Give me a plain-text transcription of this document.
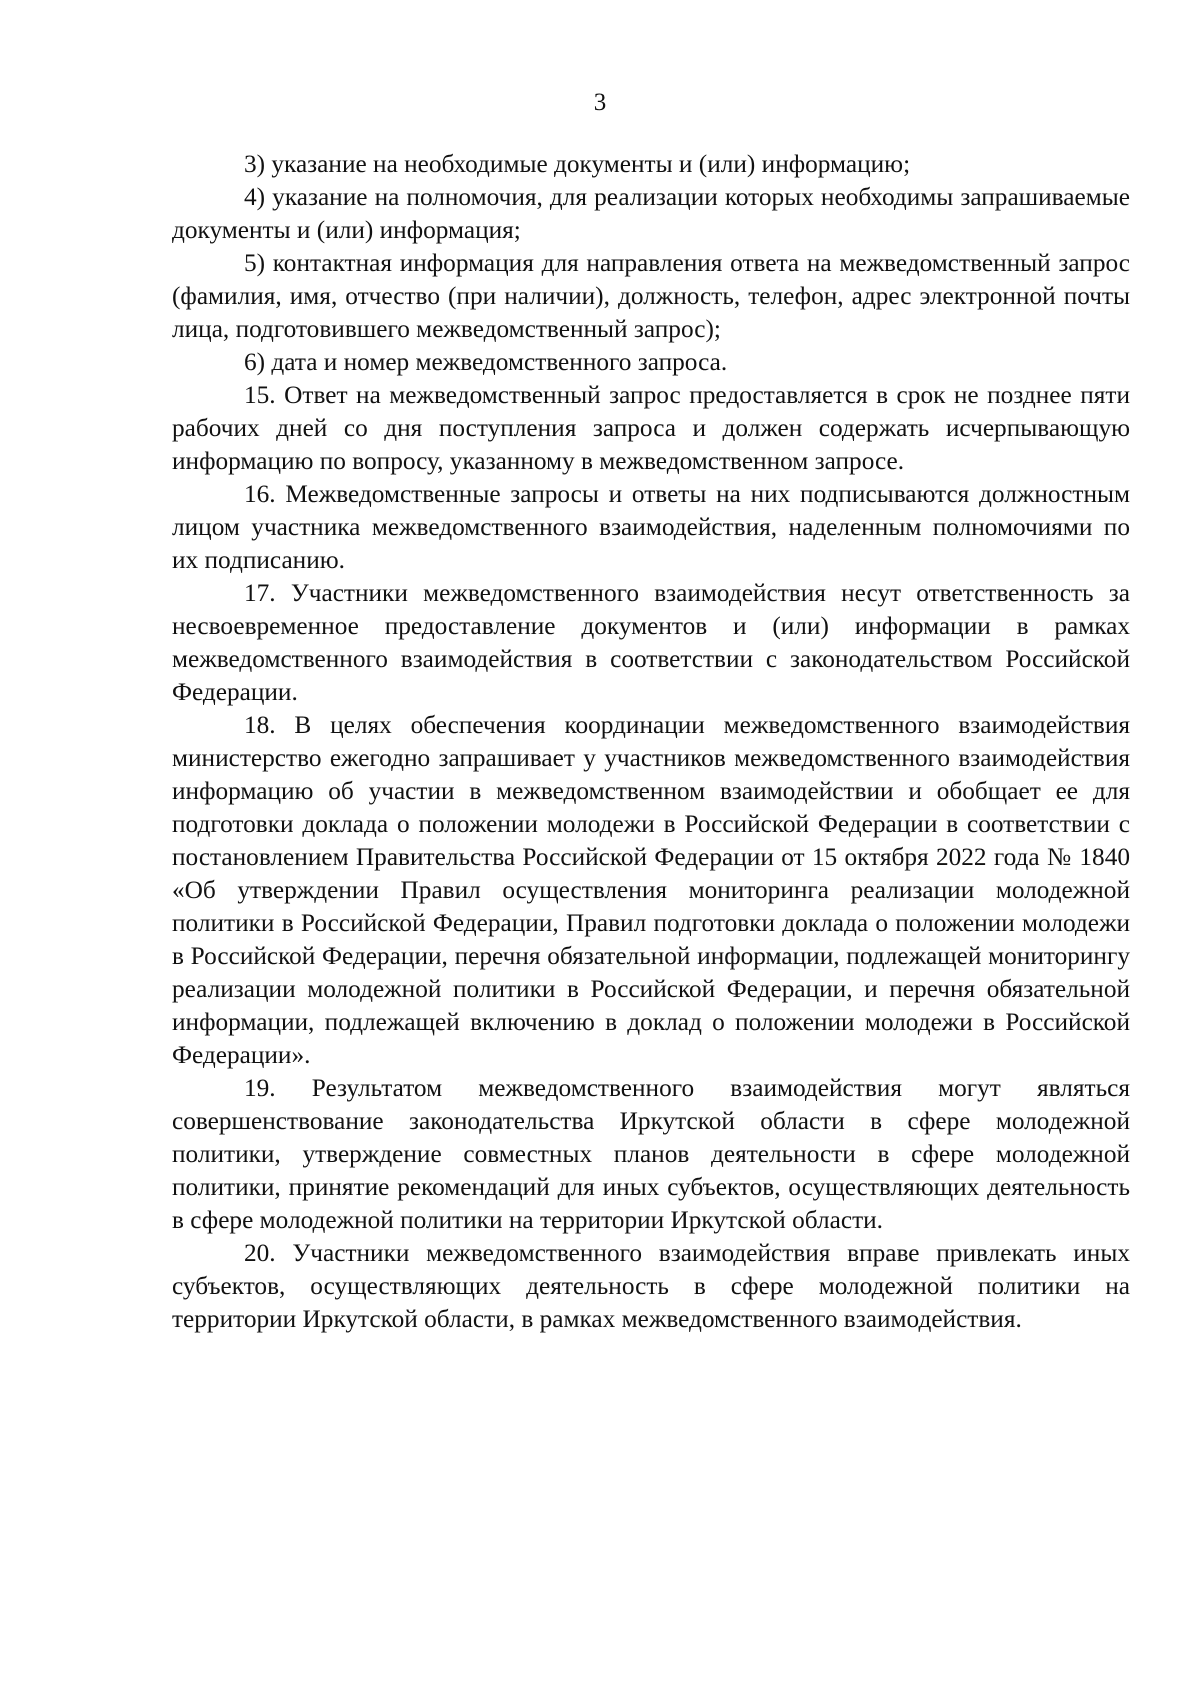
3

3) указание на необходимые документы и (или) информацию;

4) указание на полномочия, для реализации которых необходимы запрашиваемые документы и (или) информация;

5) контактная информация для направления ответа на межведомственный запрос (фамилия, имя, отчество (при наличии), должность, телефон, адрес электронной почты лица, подготовившего межведомственный запрос);

6) дата и номер межведомственного запроса.

15. Ответ на межведомственный запрос предоставляется в срок не позднее пяти рабочих дней со дня поступления запроса и должен содержать исчерпывающую информацию по вопросу, указанному в межведомственном запросе.

16. Межведомственные запросы и ответы на них подписываются должностным лицом участника межведомственного взаимодействия, наделенным полномочиями по их подписанию.

17. Участники межведомственного взаимодействия несут ответственность за несвоевременное предоставление документов и (или) информации в рамках межведомственного взаимодействия в соответствии с законодательством Российской Федерации.

18. В целях обеспечения координации межведомственного взаимодействия министерство ежегодно запрашивает у участников межведомственного взаимодействия информацию об участии в межведомственном взаимодействии и обобщает ее для подготовки доклада о положении молодежи в Российской Федерации в соответствии с постановлением Правительства Российской Федерации от 15 октября 2022 года № 1840 «Об утверждении Правил осуществления мониторинга реализации молодежной политики в Российской Федерации, Правил подготовки доклада о положении молодежи в Российской Федерации, перечня обязательной информации, подлежащей мониторингу реализации молодежной политики в Российской Федерации, и перечня обязательной информации, подлежащей включению в доклад о положении молодежи в Российской Федерации».

19. Результатом межведомственного взаимодействия могут являться совершенствование законодательства Иркутской области в сфере молодежной политики, утверждение совместных планов деятельности в сфере молодежной политики, принятие рекомендаций для иных субъектов, осуществляющих деятельность в сфере молодежной политики на территории Иркутской области.

20. Участники межведомственного взаимодействия вправе привлекать иных субъектов, осуществляющих деятельность в сфере молодежной политики на территории Иркутской области, в рамках межведомственного взаимодействия.
